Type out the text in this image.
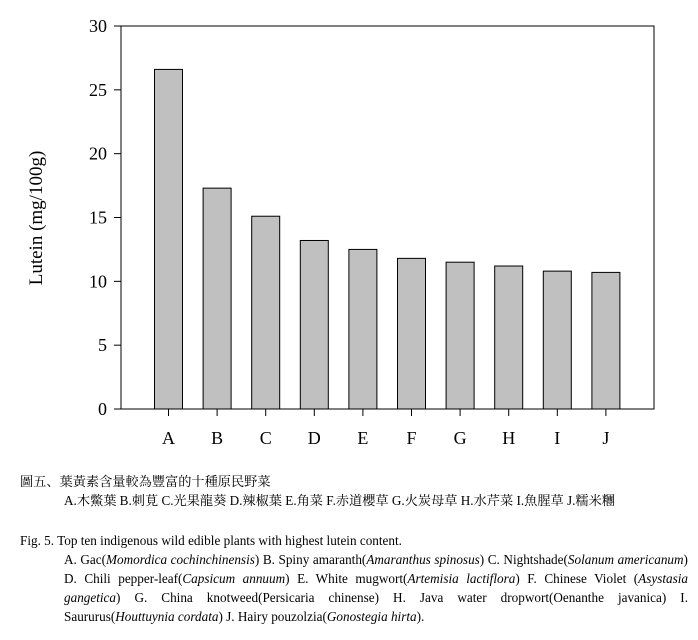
0
5
10
15
20
25
30
A B C D E F G H I J
Lutein (mg/100g)
圖五、葉黃素含量較為豐富的十種原民野菜
A.木鱉葉 B.刺莧 C.光果龍葵 D.辣椒葉 E.角菜 F.赤道櫻草 G.火炭母草 H.水芹菜 I.魚腥草 J.糯米糰
Fig. 5. Top ten indigenous wild edible plants with highest lutein content.
A. Gac(Momordica cochinchinensis) B. Spiny amaranth(Amaranthus spinosus) C. Nightshade(Solanum americanum) D. Chili pepper-leaf(Capsicum annuum) E. White mugwort(Artemisia lactiflora) F. Chinese Violet (Asystasia gangetica) G. China knotweed(Persicaria chinense) H. Java water dropwort(Oenanthe javanica) I. Saururus(Houttuynia cordata) J. Hairy pouzolzia(Gonostegia hirta).
